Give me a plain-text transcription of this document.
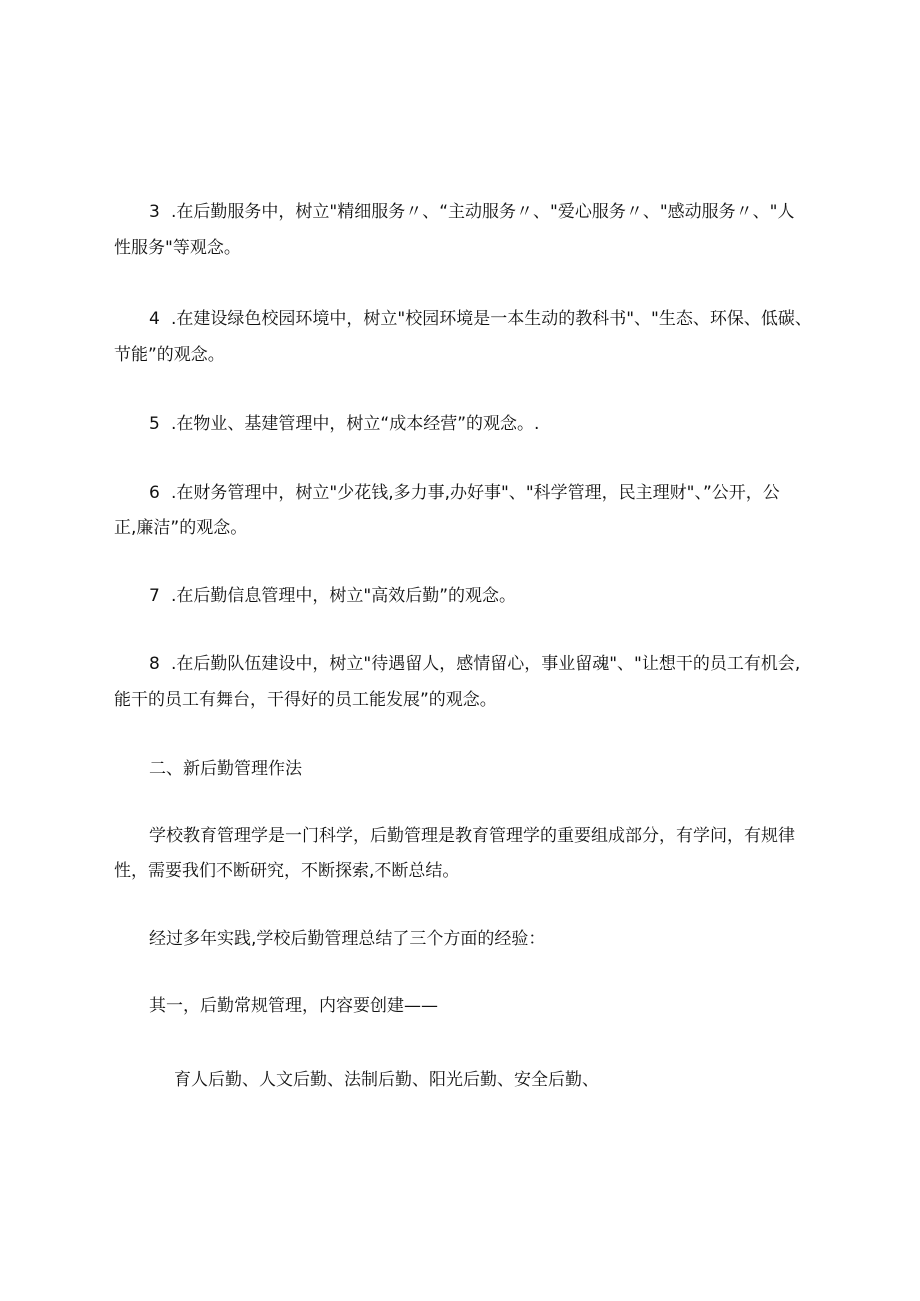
3 .在后勤服务中，树立"精细服务〃、“主动服务〃、"爱心服务〃、"感动服务〃、"人
性服务"等观念。
4 .在建设绿色校园环境中，树立"校园环境是一本生动的教科书"、"生态、环保、低碳、
节能”的观念。
5 .在物业、基建管理中，树立“成本经营”的观念。.
6 .在财务管理中，树立"少花钱,多力事,办好事"、"科学管理，民主理财"、”公开，公
正,廉洁”的观念。
7 .在后勤信息管理中，树立"高效后勤”的观念。
8 .在后勤队伍建设中，树立"待遇留人，感情留心，事业留魂"、"让想干的员工有机会,
能干的员工有舞台，干得好的员工能发展”的观念。
二、新后勤管理作法
学校教育管理学是一门科学，后勤管理是教育管理学的重要组成部分，有学问，有规律
性，需要我们不断研究，不断探索,不断总结。
经过多年实践,学校后勤管理总结了三个方面的经验：
其一，后勤常规管理，内容要创建——
育人后勤、人文后勤、法制后勤、阳光后勤、安全后勤、
